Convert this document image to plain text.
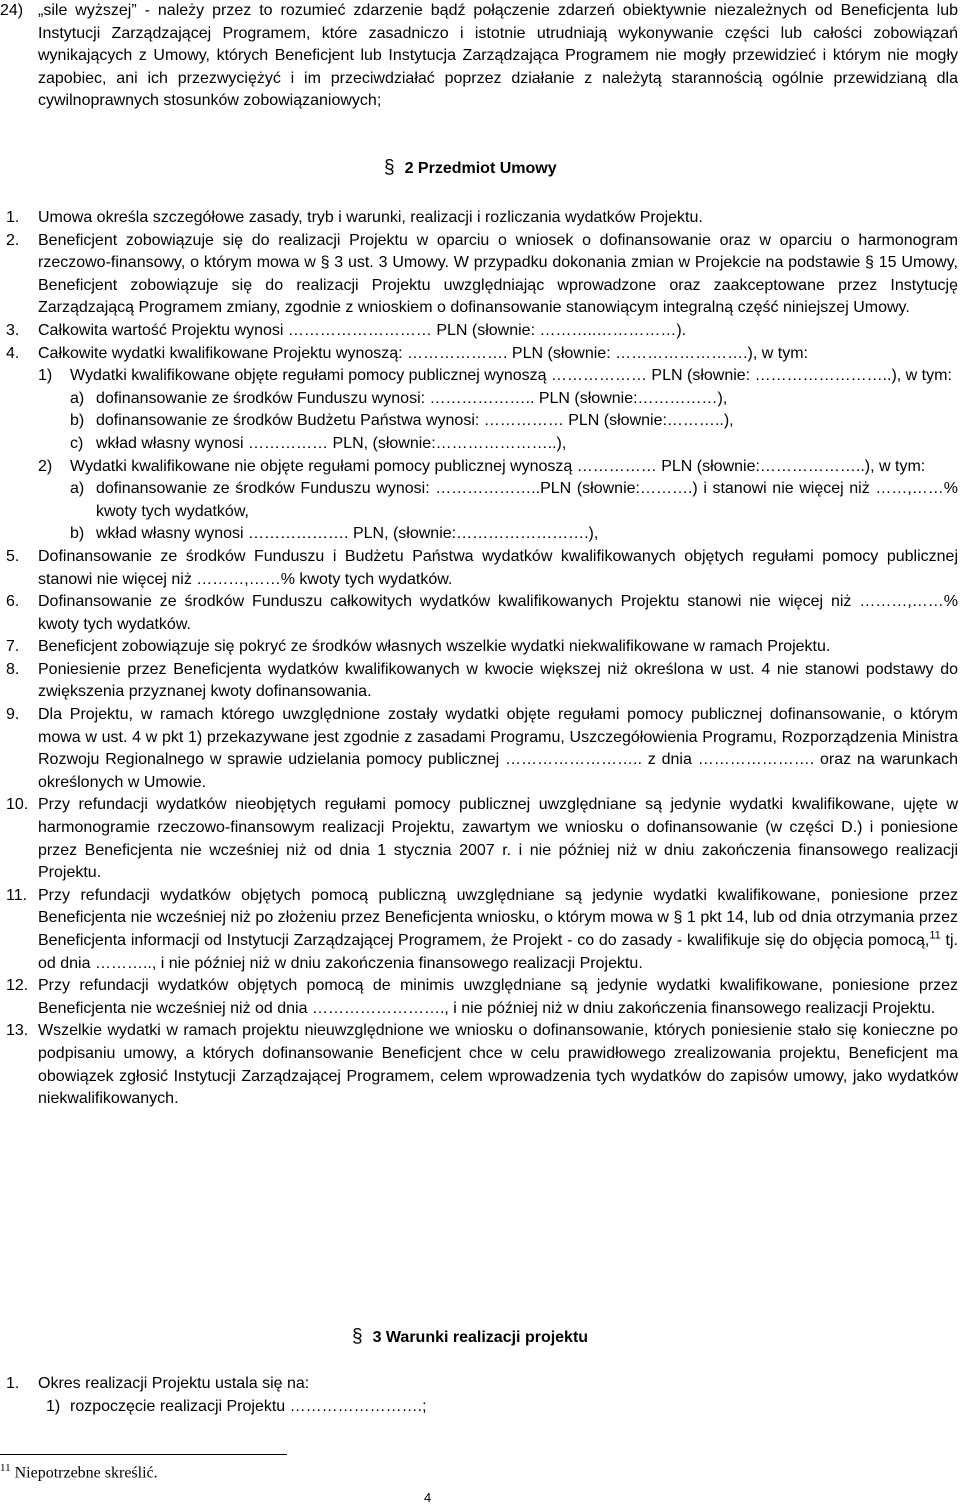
24) „sile wyższej” - należy przez to rozumieć zdarzenie bądź połączenie zdarzeń obiektywnie niezależnych od Beneficjenta lub Instytucji Zarządzającej Programem, które zasadniczo i istotnie utrudniają wykonywanie części lub całości zobowiązań wynikających z Umowy, których Beneficjent lub Instytucja Zarządzająca Programem nie mogły przewidzieć i którym nie mogły zapobiec, ani ich przezwyciężyć i im przeciwdziałać poprzez działanie z należytą starannością ogólnie przewidzianą dla cywilnoprawnych stosunków zobowiązaniowych;
§ 2 Przedmiot Umowy
1. Umowa określa szczegółowe zasady, tryb i warunki, realizacji i rozliczania wydatków Projektu.
2. Beneficjent zobowiązuje się do realizacji Projektu w oparciu o wniosek o dofinansowanie oraz w oparciu o harmonogram rzeczowo-finansowy, o którym mowa w § 3 ust. 3 Umowy. W przypadku dokonania zmian w Projekcie na podstawie § 15 Umowy, Beneficjent zobowiązuje się do realizacji Projektu uwzględniając wprowadzone oraz zaakceptowane przez Instytucję Zarządzającą Programem zmiany, zgodnie z wnioskiem o dofinansowanie stanowiącym integralną część niniejszej Umowy.
3. Całkowita wartość Projektu wynosi ……………………… PLN (słownie: ………..……………).
4. Całkowite wydatki kwalifikowane Projektu wynoszą: ………………. PLN (słownie: …………………….), w tym:
1) Wydatki kwalifikowane objęte regułami pomocy publicznej wynoszą ……………… PLN (słownie: ……………………..), w tym:
a) dofinansowanie ze środków Funduszu wynosi: ……………….. PLN (słownie:……………),
b) dofinansowanie ze środków Budżetu Państwa wynosi: …………… PLN (słownie:………..),
c) wkład własny wynosi …………… PLN, (słownie:…………………..),
2) Wydatki kwalifikowane nie objęte regułami pomocy publicznej wynoszą …………… PLN (słownie:………………..), w tym:
a) dofinansowanie ze środków Funduszu wynosi: ………………..PLN (słownie:……….) i stanowi nie więcej niż ……,……% kwoty tych wydatków,
b) wkład własny wynosi ………………. PLN, (słownie:…………………….),
5. Dofinansowanie ze środków Funduszu i Budżetu Państwa wydatków kwalifikowanych objętych regułami pomocy publicznej stanowi nie więcej niż ………,……% kwoty tych wydatków.
6. Dofinansowanie ze środków Funduszu całkowitych wydatków kwalifikowanych Projektu stanowi nie więcej niż ………,……% kwoty tych wydatków.
7. Beneficjent zobowiązuje się pokryć ze środków własnych wszelkie wydatki niekwalifikowane w ramach Projektu.
8. Poniesienie przez Beneficjenta wydatków kwalifikowanych w kwocie większej niż określona w ust. 4 nie stanowi podstawy do zwiększenia przyznanej kwoty dofinansowania.
9. Dla Projektu, w ramach którego uwzględnione zostały wydatki objęte regułami pomocy publicznej dofinansowanie, o którym mowa w ust. 4 w pkt 1) przekazywane jest zgodnie z zasadami Programu, Uszczegółowienia Programu, Rozporządzenia Ministra Rozwoju Regionalnego w sprawie udzielania pomocy publicznej …………………….. z dnia …………………. oraz na warunkach określonych w Umowie.
10. Przy refundacji wydatków nieobjętych regułami pomocy publicznej uwzględniane są jedynie wydatki kwalifikowane, ujęte w harmonogramie rzeczowo-finansowym realizacji Projektu, zawartym we wniosku o dofinansowanie (w części D.) i poniesione przez Beneficjenta nie wcześniej niż od dnia 1 stycznia 2007 r. i nie później niż w dniu zakończenia finansowego realizacji Projektu.
11. Przy refundacji wydatków objętych pomocą publiczną uwzględniane są jedynie wydatki kwalifikowane, poniesione przez Beneficjenta nie wcześniej niż po złożeniu przez Beneficjenta wniosku, o którym mowa w § 1 pkt 14, lub od dnia otrzymania przez Beneficjenta informacji od Instytucji Zarządzającej Programem, że Projekt - co do zasady - kwalifikuje się do objęcia pomocą,$^{11}$ tj. od dnia ……….., i nie później niż w dniu zakończenia finansowego realizacji Projektu.
12. Przy refundacji wydatków objętych pomocą de minimis uwzględniane są jedynie wydatki kwalifikowane, poniesione przez Beneficjenta nie wcześniej niż od dnia ……………………., i nie później niż w dniu zakończenia finansowego realizacji Projektu.
13. Wszelkie wydatki w ramach projektu nieuwzględnione we wniosku o dofinansowanie, których poniesienie stało się konieczne po podpisaniu umowy, a których dofinansowanie Beneficjent chce w celu prawidłowego zrealizowania projektu, Beneficjent ma obowiązek zgłosić Instytucji Zarządzającej Programem, celem wprowadzenia tych wydatków do zapisów umowy, jako wydatków niekwalifikowanych.
§ 3 Warunki realizacji projektu
1. Okres realizacji Projektu ustala się na:
1) rozpoczęcie realizacji Projektu …………………….;
$^{11}$ Niepotrzebne skreślić.
4
